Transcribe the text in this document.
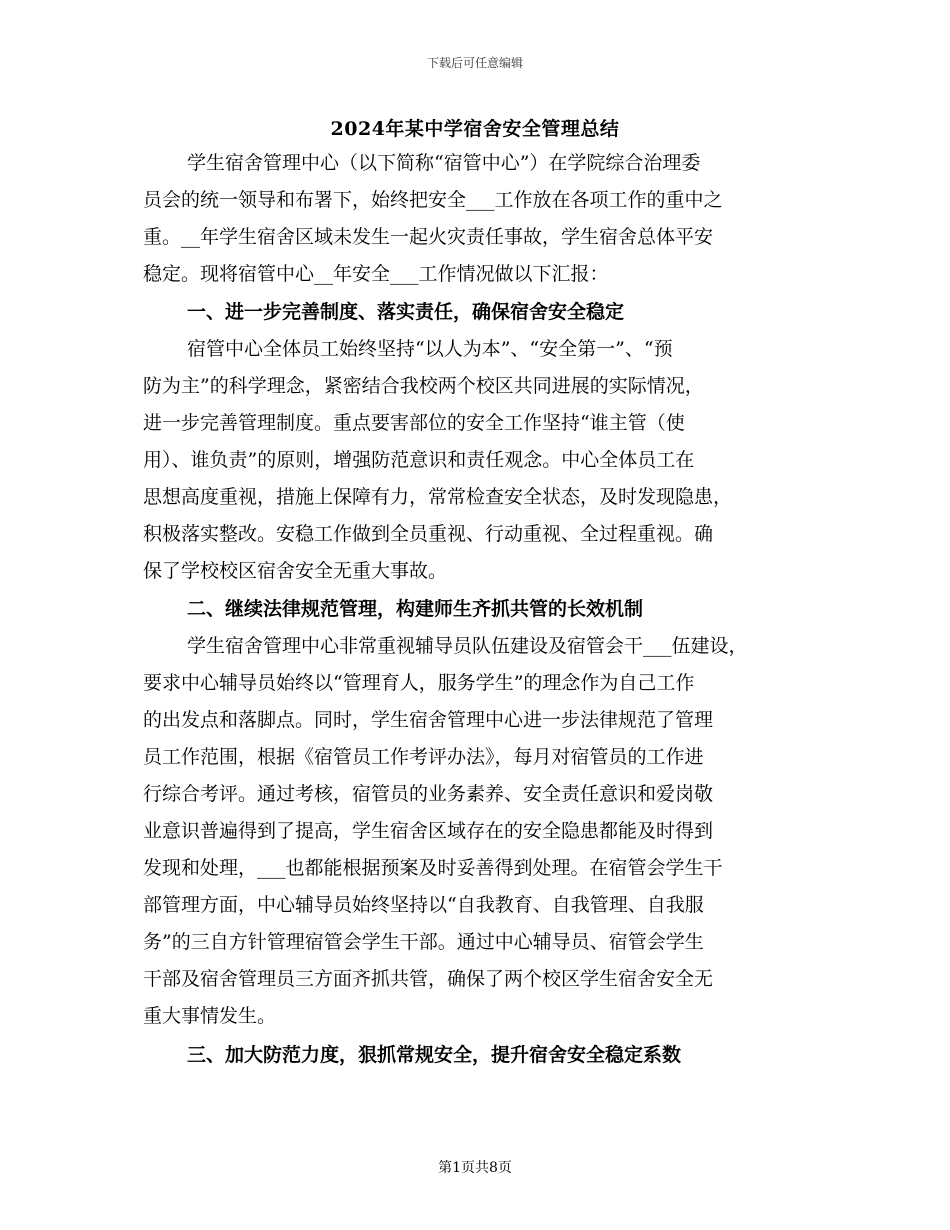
下载后可任意编辑
2024年某中学宿舍安全管理总结
学生宿舍管理中心（以下简称“宿管中心”）在学院综合治理委
员会的统一领导和布署下，始终把安全___工作放在各项工作的重中之
重。__年学生宿舍区域未发生一起火灾责任事故，学生宿舍总体平安
稳定。现将宿管中心__年安全___工作情况做以下汇报：
一、进一步完善制度、落实责任，确保宿舍安全稳定
宿管中心全体员工始终坚持“以人为本”、“安全第一”、“预
防为主”的科学理念，紧密结合我校两个校区共同进展的实际情况，
进一步完善管理制度。重点要害部位的安全工作坚持“谁主管（使
用）、谁负责”的原则，增强防范意识和责任观念。中心全体员工在
思想高度重视，措施上保障有力，常常检查安全状态，及时发现隐患，
积极落实整改。安稳工作做到全员重视、行动重视、全过程重视。确
保了学校校区宿舍安全无重大事故。
二、继续法律规范管理，构建师生齐抓共管的长效机制
学生宿舍管理中心非常重视辅导员队伍建设及宿管会干___伍建设，
要求中心辅导员始终以“管理育人，服务学生”的理念作为自己工作
的出发点和落脚点。同时，学生宿舍管理中心进一步法律规范了管理
员工作范围，根据《宿管员工作考评办法》，每月对宿管员的工作进
行综合考评。通过考核，宿管员的业务素养、安全责任意识和爱岗敬
业意识普遍得到了提高，学生宿舍区域存在的安全隐患都能及时得到
发现和处理，___也都能根据预案及时妥善得到处理。在宿管会学生干
部管理方面，中心辅导员始终坚持以“自我教育、自我管理、自我服
务”的三自方针管理宿管会学生干部。通过中心辅导员、宿管会学生
干部及宿舍管理员三方面齐抓共管，确保了两个校区学生宿舍安全无
重大事情发生。
三、加大防范力度，狠抓常规安全，提升宿舍安全稳定系数
第1页共8页
